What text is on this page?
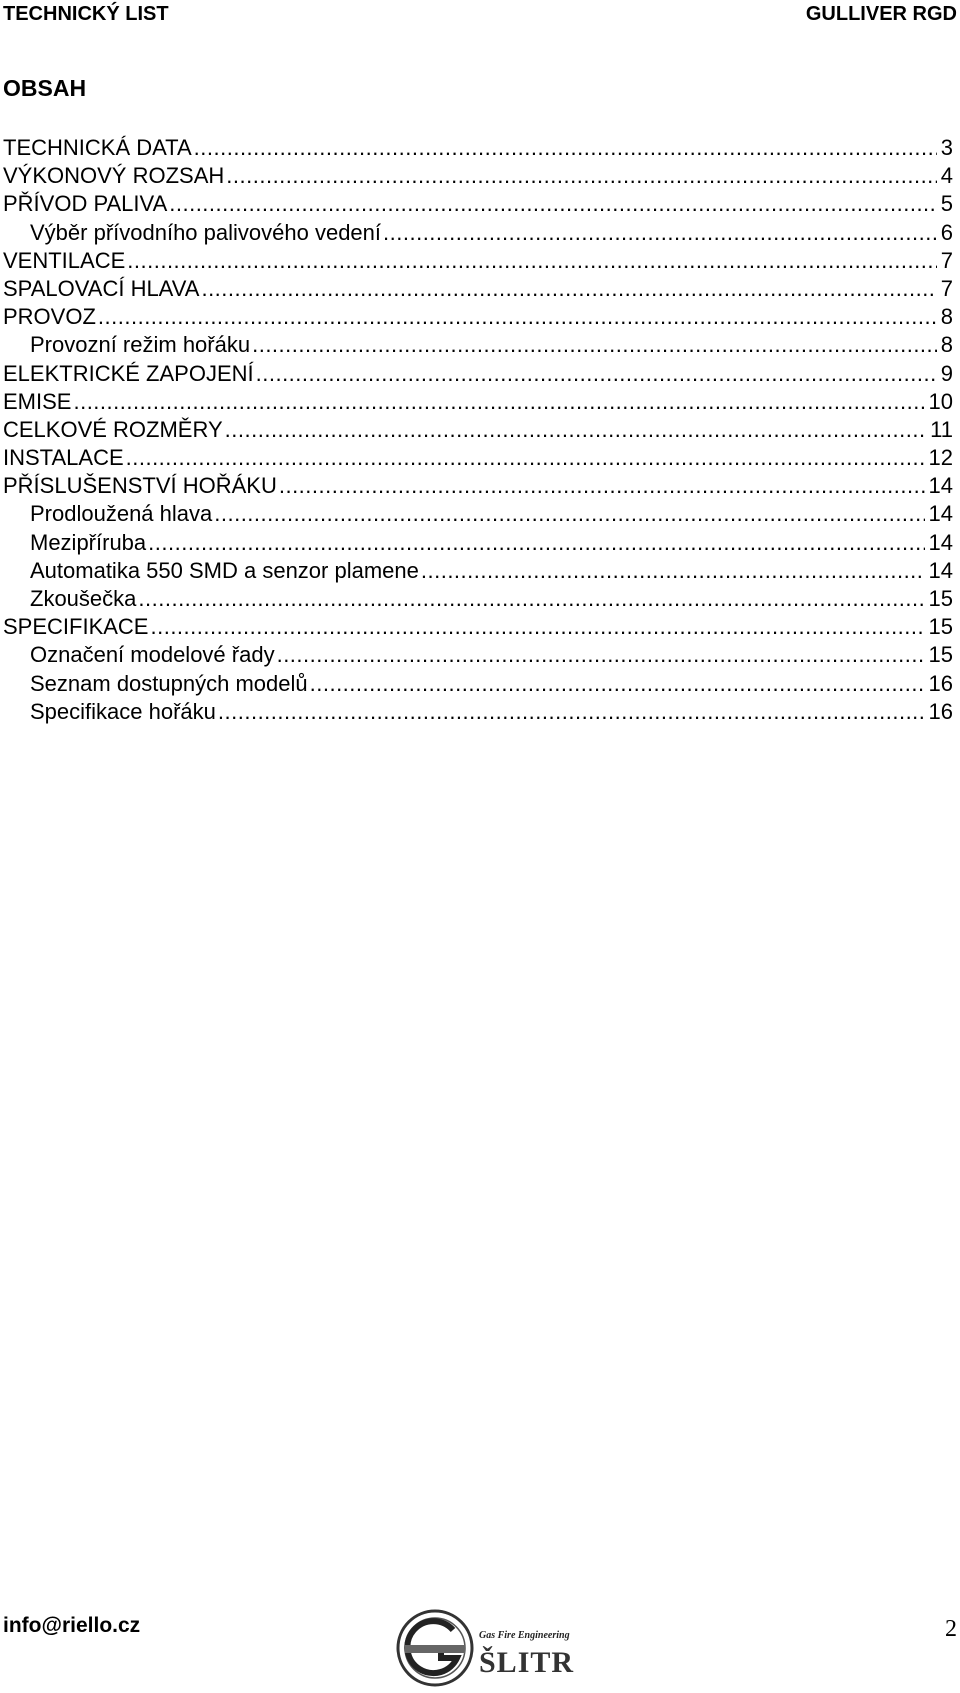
TECHNICKÝ LIST	GULLIVER RGD
OBSAH
TECHNICKÁ DATA .....	3
VÝKONOVÝ ROZSAH .....	4
PŘÍVOD PALIVA .....	5
Výběr přívodního palivového vedení .....	6
VENTILACE .....	7
SPALOVACÍ HLAVA .....	7
PROVOZ .....	8
Provozní režim hořáku .....	8
ELEKTRICKÉ ZAPOJENÍ .....	9
EMISE .....	10
CELKOVÉ ROZMĚRY .....	11
INSTALACE .....	12
PŘÍSLUŠENSTVÍ HOŘÁKU .....	14
Prodloužená hlava .....	14
Mezipříruba .....	14
Automatika 550 SMD a senzor plamene .....	14
Zkoušečka .....	15
SPECIFIKACE .....	15
Označení modelové řady .....	15
Seznam dostupných modelů .....	16
Specifikace hořáku .....	16
info@riello.cz	Gas Fire Engineering
ŠLITR
2
